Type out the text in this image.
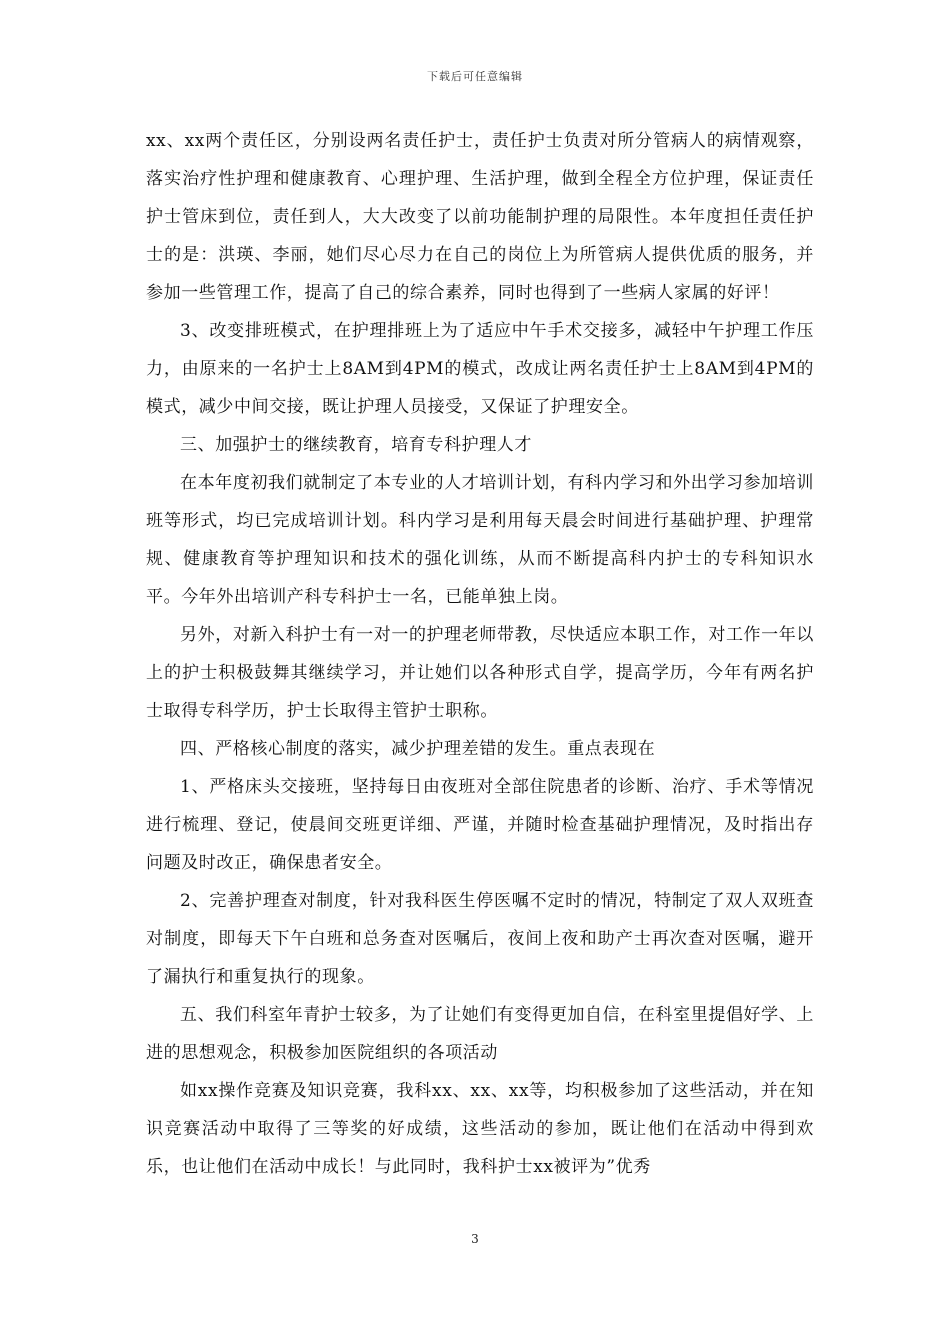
下载后可任意编辑

xx、xx两个责任区，分别设两名责任护士，责任护士负责对所分管病人的病情观察，落实治疗性护理和健康教育、心理护理、生活护理，做到全程全方位护理，保证责任护士管床到位，责任到人，大大改变了以前功能制护理的局限性。本年度担任责任护士的是：洪瑛、李丽，她们尽心尽力在自己的岗位上为所管病人提供优质的服务，并参加一些管理工作，提高了自己的综合素养，同时也得到了一些病人家属的好评！

3、改变排班模式，在护理排班上为了适应中午手术交接多，减轻中午护理工作压力，由原来的一名护士上8AM到4PM的模式，改成让两名责任护士上8AM到4PM的模式，减少中间交接，既让护理人员接受，又保证了护理安全。

三、加强护士的继续教育，培育专科护理人才

在本年度初我们就制定了本专业的人才培训计划，有科内学习和外出学习参加培训班等形式，均已完成培训计划。科内学习是利用每天晨会时间进行基础护理、护理常规、健康教育等护理知识和技术的强化训练，从而不断提高科内护士的专科知识水平。今年外出培训产科专科护士一名，已能单独上岗。

另外，对新入科护士有一对一的护理老师带教，尽快适应本职工作，对工作一年以上的护士积极鼓舞其继续学习，并让她们以各种形式自学，提高学历，今年有两名护士取得专科学历，护士长取得主管护士职称。

四、严格核心制度的落实，减少护理差错的发生。重点表现在

1、严格床头交接班，坚持每日由夜班对全部住院患者的诊断、治疗、手术等情况进行梳理、登记，使晨间交班更详细、严谨，并随时检查基础护理情况，及时指出存问题及时改正，确保患者安全。

2、完善护理查对制度，针对我科医生停医嘱不定时的情况，特制定了双人双班查对制度，即每天下午白班和总务查对医嘱后，夜间上夜和助产士再次查对医嘱，避开了漏执行和重复执行的现象。

五、我们科室年青护士较多，为了让她们有变得更加自信，在科室里提倡好学、上进的思想观念，积极参加医院组织的各项活动

如xx操作竞赛及知识竞赛，我科xx、xx、xx等，均积极参加了这些活动，并在知识竞赛活动中取得了三等奖的好成绩，这些活动的参加，既让他们在活动中得到欢乐，也让他们在活动中成长！与此同时，我科护士xx被评为”优秀

3
